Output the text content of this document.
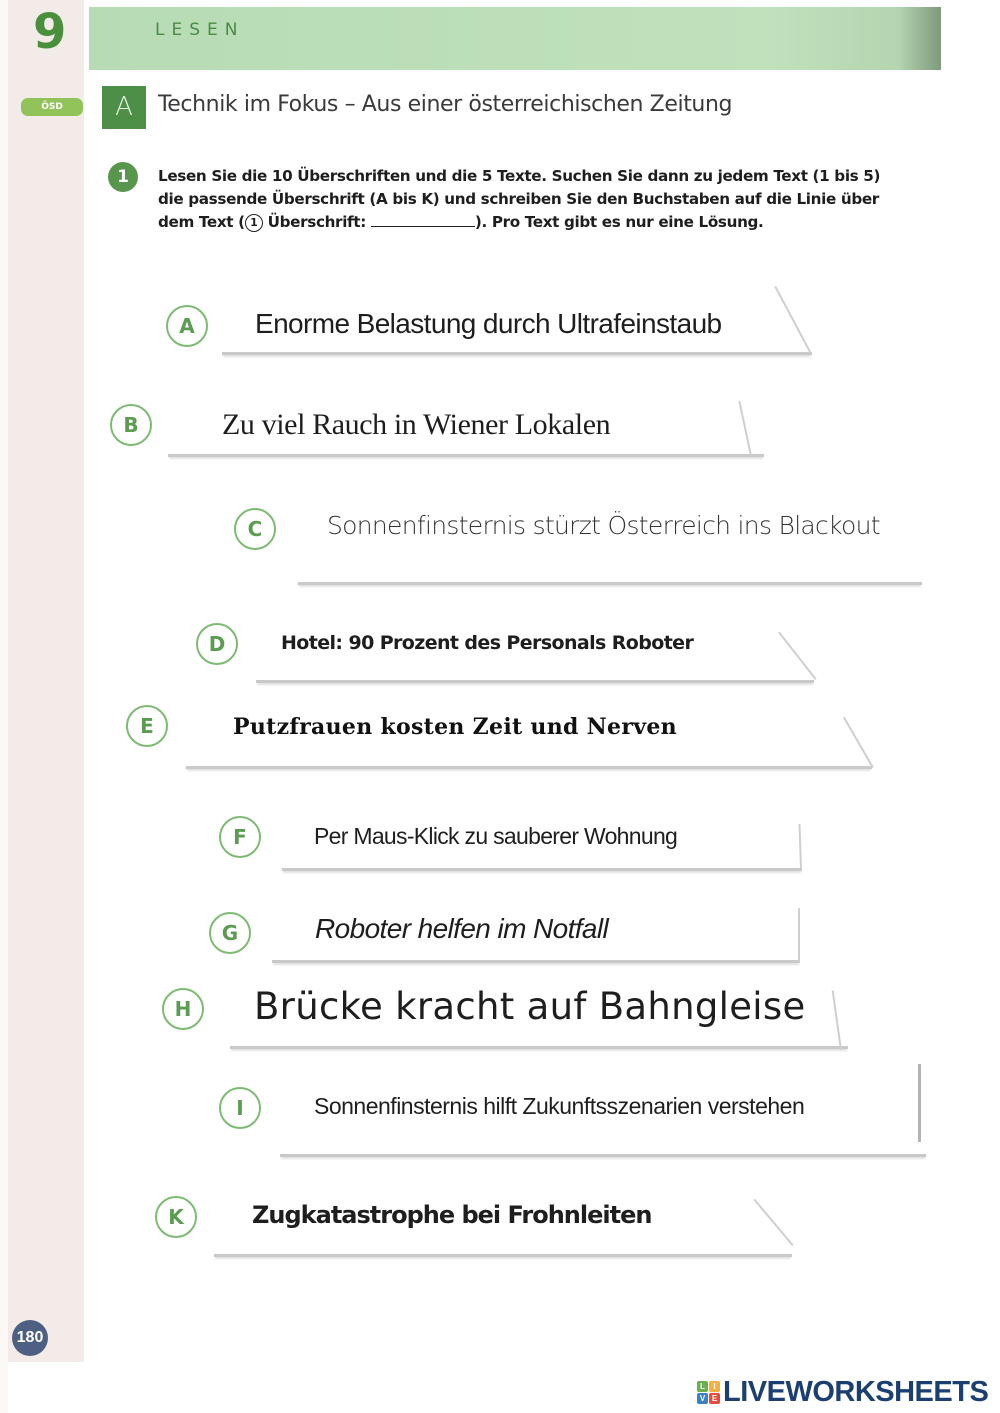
9	LESEN
ÖSD	A	Technik im Fokus – Aus einer österreichischen Zeitung
1	Lesen Sie die 10 Überschriften und die 5 Texte. Suchen Sie dann zu jedem Text (1 bis 5)
die passende Überschrift (A bis K) und schreiben Sie den Buchstaben auf die Linie über
dem Text ( 1 Überschrift:	). Pro Text gibt es nur eine Lösung.
A	Enorme Belastung durch Ultrafeinstaub
B	Zu viel Rauch in Wiener Lokalen
C	Sonnenfinsternis stürzt Österreich ins Blackout
D	Hotel: 90 Prozent des Personals Roboter
E	Putzfrauen kosten Zeit und Nerven
F	Per Maus-Klick zu sauberer Wohnung
G	Roboter helfen im Notfall
H	Brücke kracht auf Bahngleise
I	Sonnenfinsternis hilft Zukunftsszenarien verstehen
K	Zugkatastrophe bei Frohnleiten
180
L	I
V E LIVEWORKSHEETS
